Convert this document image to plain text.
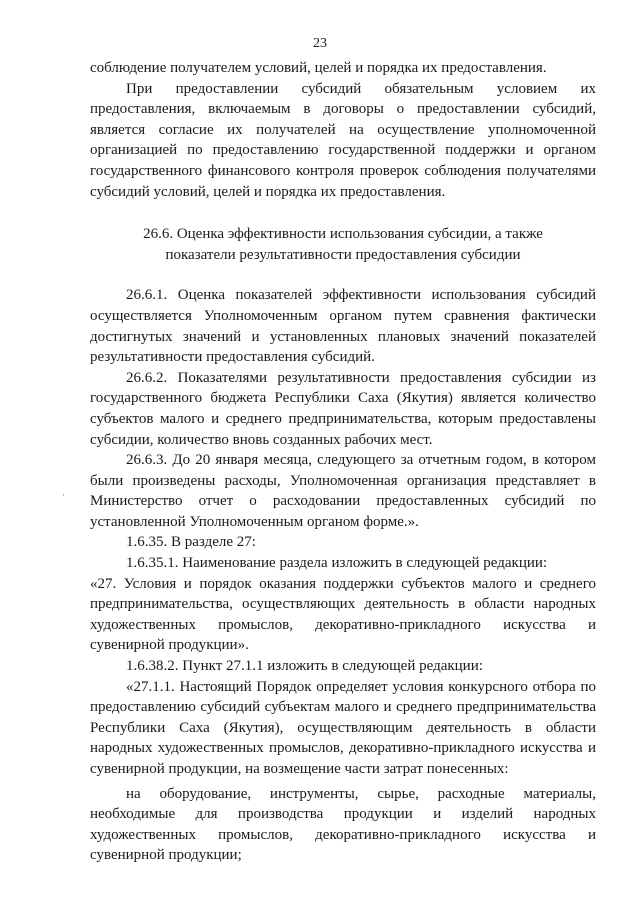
23
·

соблюдение получателем условий, целей и порядка их предоставления.

При предоставлении субсидий обязательным условием их предоставления, включаемым в договоры о предоставлении субсидий, является согласие их получателей на осуществление уполномоченной организацией по предоставлению государственной поддержки и органом государственного финансового контроля проверок соблюдения получателями субсидий условий, целей и порядка их предоставления.

26.6. Оценка эффективности использования субсидии, а также

показатели результативности предоставления субсидии

26.6.1. Оценка показателей эффективности использования субсидий осуществляется Уполномоченным органом путем сравнения фактически достигнутых значений и установленных плановых значений показателей результативности предоставления субсидий.

26.6.2. Показателями результативности предоставления субсидии из государственного бюджета Республики Саха (Якутия) является количество субъектов малого и среднего предпринимательства, которым предоставлены субсидии, количество вновь созданных рабочих мест.

26.6.3. До 20 января месяца, следующего за отчетным годом, в котором были произведены расходы, Уполномоченная организация представляет в Министерство отчет о расходовании предоставленных субсидий по установленной Уполномоченным органом форме.».

1.6.35. В разделе 27:

1.6.35.1. Наименование раздела изложить в следующей редакции:

«27. Условия и порядок оказания поддержки субъектов малого и среднего предпринимательства, осуществляющих деятельность в области народных художественных промыслов, декоративно-прикладного искусства и сувенирной продукции».

1.6.38.2. Пункт 27.1.1 изложить в следующей редакции:

«27.1.1. Настоящий Порядок определяет условия конкурсного отбора по предоставлению субсидий субъектам малого и среднего предпринимательства Республики Саха (Якутия), осуществляющим деятельность в области народных художественных промыслов, декоративно-прикладного искусства и сувенирной продукции, на возмещение части затрат понесенных:

на оборудование, инструменты, сырье, расходные материалы, необходимые для производства продукции и изделий народных художественных промыслов, декоративно-прикладного искусства и сувенирной продукции;
